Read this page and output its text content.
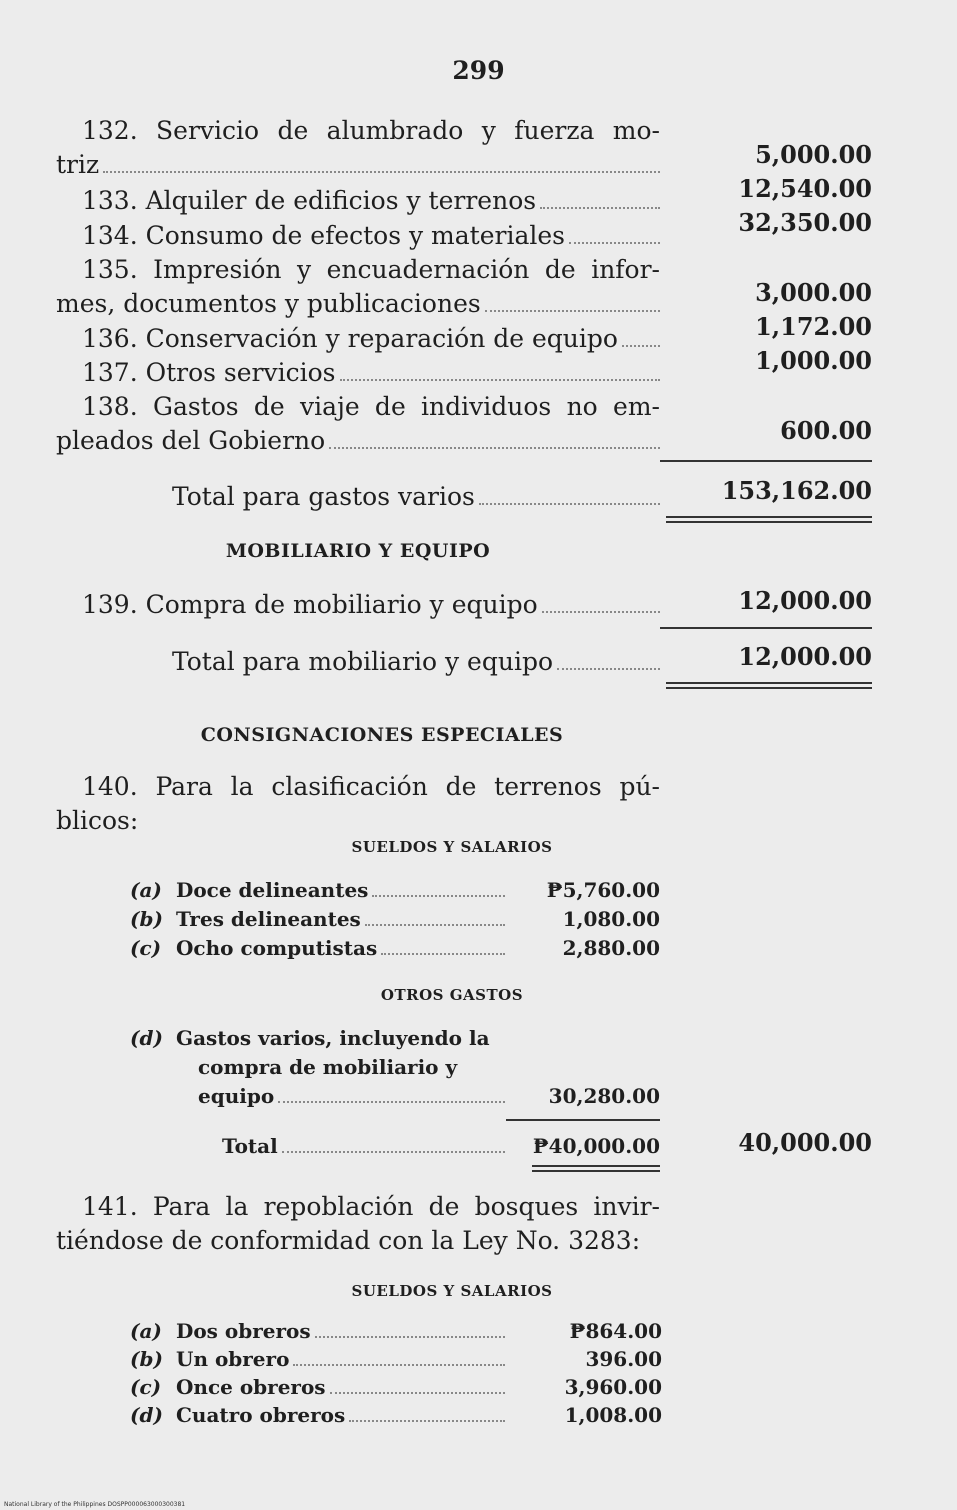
299
132. Servicio de alumbrado y fuerza mo-
triz	5,000.00
133. Alquiler de edificios y terrenos	12,540.00
134. Consumo de efectos y materiales	32,350.00
135. Impresión y encuadernación de infor-
mes, documentos y publicaciones	3,000.00
136. Conservación y reparación de equipo	1,172.00
137. Otros servicios	1,000.00
138. Gastos de viaje de individuos no em-
pleados del Gobierno	600.00
Total para gastos varios	153,162.00
MOBILIARIO Y EQUIPO
139. Compra de mobiliario y equipo	12,000.00
Total para mobiliario y equipo	12,000.00
CONSIGNACIONES ESPECIALES
140. Para la clasificación de terrenos pú-
blicos:
SUELDOS Y SALARIOS
(a) Doce delineantes	₱5,760.00
(b) Tres delineantes	1,080.00
(c) Ocho computistas	2,880.00
OTROS GASTOS
(d) Gastos varios, incluyendo la
compra de mobiliario y
equipo	30,280.00
Total	₱40,000.00	40,000.00
141. Para la repoblación de bosques invir-
tiéndose de conformidad con la Ley No. 3283:
SUELDOS Y SALARIOS
(a) Dos obreros	₱864.00
(b) Un obrero	396.00
(c) Once obreros	3,960.00
(d) Cuatro obreros	1,008.00
National Library of the Philippines DOSPP000063000300381
